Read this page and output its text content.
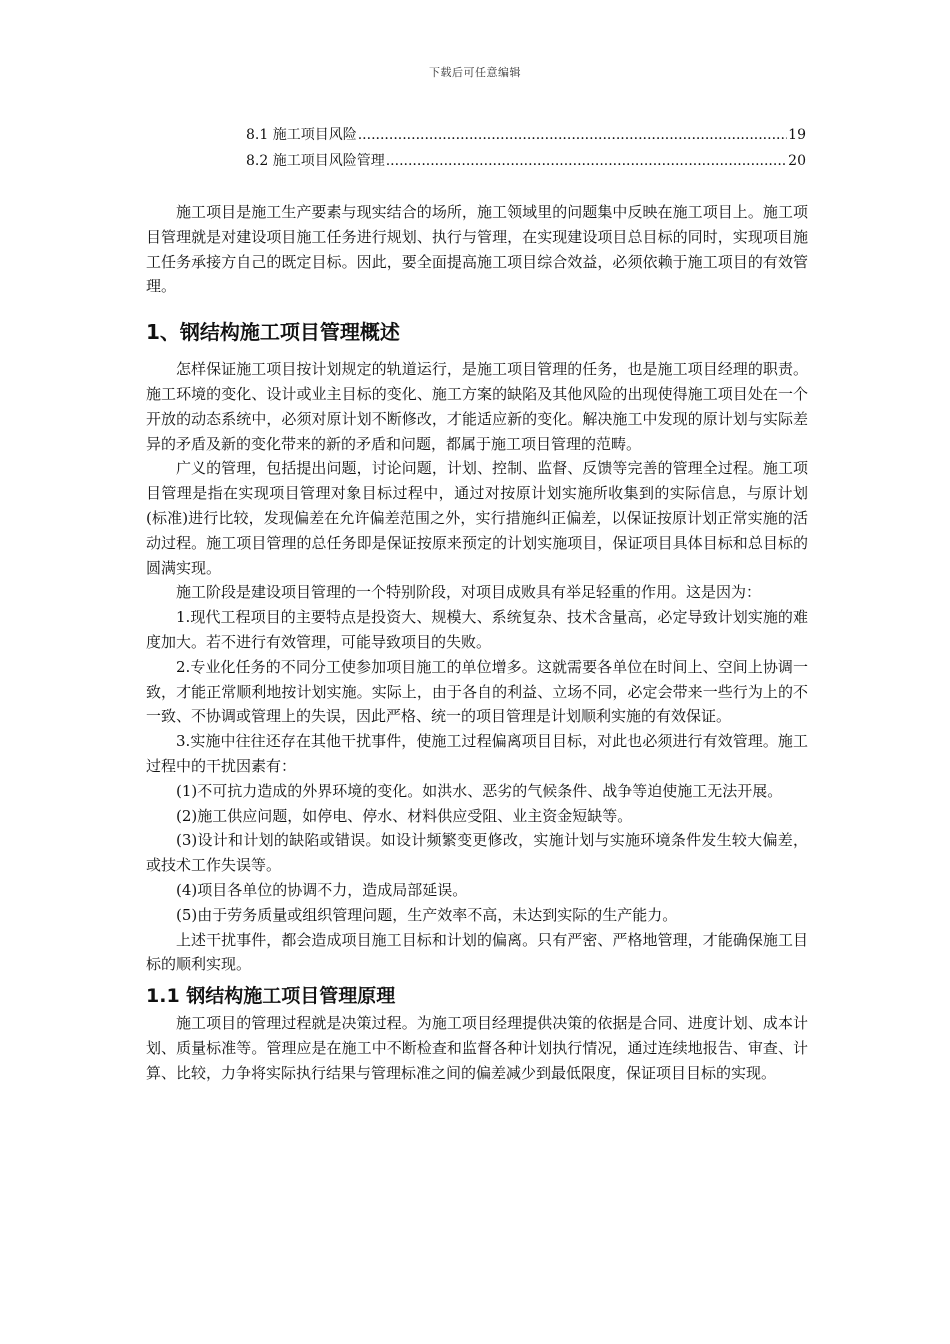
下载后可任意编辑
8.1 施工项目风险 .....	19
8.2 施工项目风险管理 .....	20

施工项目是施工生产要素与现实结合的场所，施工领域里的问题集中反映在施工项目上。施工项目管理就是对建设项目施工任务进行规划、执行与管理，在实现建设项目总目标的同时，实现项目施工任务承接方自己的既定目标。因此，要全面提高施工项目综合效益，必须依赖于施工项目的有效管理。

1、钢结构施工项目管理概述

怎样保证施工项目按计划规定的轨道运行，是施工项目管理的任务，也是施工项目经理的职责。施工环境的变化、设计或业主目标的变化、施工方案的缺陷及其他风险的出现使得施工项目处在一个开放的动态系统中，必须对原计划不断修改，才能适应新的变化。解决施工中发现的原计划与实际差异的矛盾及新的变化带来的新的矛盾和问题，都属于施工项目管理的范畴。

广义的管理，包括提出问题，讨论问题，计划、控制、监督、反馈等完善的管理全过程。施工项目管理是指在实现项目管理对象目标过程中，通过对按原计划实施所收集到的实际信息，与原计划(标准)进行比较，发现偏差在允许偏差范围之外，实行措施纠正偏差，以保证按原计划正常实施的活动过程。施工项目管理的总任务即是保证按原来预定的计划实施项目，保证项目具体目标和总目标的圆满实现。

施工阶段是建设项目管理的一个特别阶段，对项目成败具有举足轻重的作用。这是因为：

1.现代工程项目的主要特点是投资大、规模大、系统复杂、技术含量高，必定导致计划实施的难度加大。若不进行有效管理，可能导致项目的失败。

2.专业化任务的不同分工使参加项目施工的单位增多。这就需要各单位在时间上、空间上协调一致，才能正常顺利地按计划实施。实际上，由于各自的利益、立场不同，必定会带来一些行为上的不一致、不协调或管理上的失误，因此严格、统一的项目管理是计划顺利实施的有效保证。

3.实施中往往还存在其他干扰事件，使施工过程偏离项目目标，对此也必须进行有效管理。施工过程中的干扰因素有：

(1)不可抗力造成的外界环境的变化。如洪水、恶劣的气候条件、战争等迫使施工无法开展。

(2)施工供应问题，如停电、停水、材料供应受阻、业主资金短缺等。

(3)设计和计划的缺陷或错误。如设计频繁变更修改，实施计划与实施环境条件发生较大偏差，或技术工作失误等。

(4)项目各单位的协调不力，造成局部延误。

(5)由于劳务质量或组织管理问题，生产效率不高，未达到实际的生产能力。

上述干扰事件，都会造成项目施工目标和计划的偏离。只有严密、严格地管理，才能确保施工目标的顺利实现。

1.1 钢结构施工项目管理原理

施工项目的管理过程就是决策过程。为施工项目经理提供决策的依据是合同、进度计划、成本计划、质量标准等。管理应是在施工中不断检查和监督各种计划执行情况，通过连续地报告、审查、计算、比较，力争将实际执行结果与管理标准之间的偏差减少到最低限度，保证项目目标的实现。
